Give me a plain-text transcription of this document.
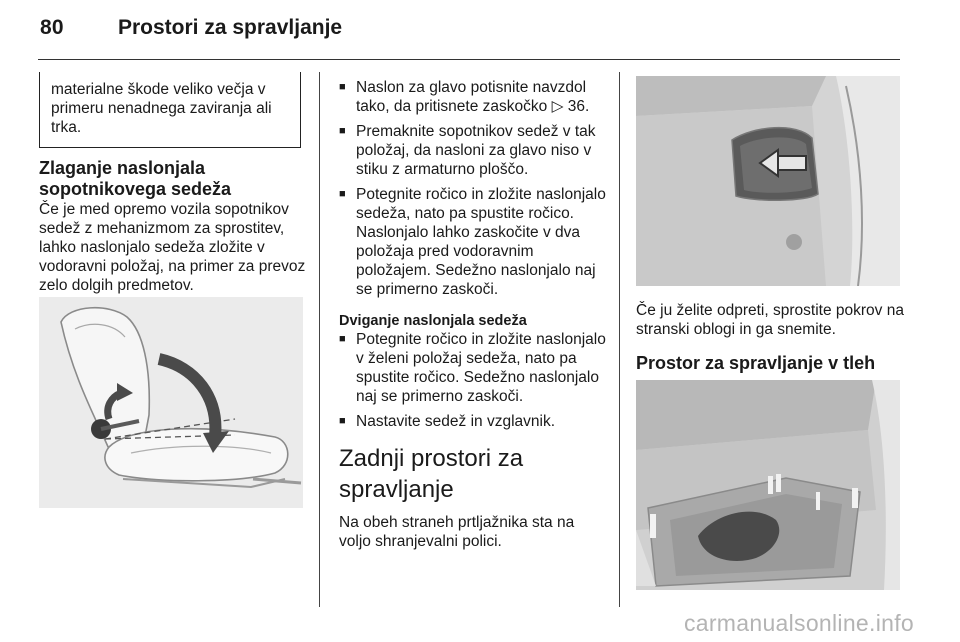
80	Prostori za spravljanje

materialne škode veliko večja v primeru nenadnega zaviranja ali trka.

Zlaganje naslonjala sopotnikovega sedeža

Če je med opremo vozila sopotnikov sedež z mehanizmom za sprostitev, lahko naslonjalo sedeža zložite v vodoravni položaj, na primer za prevoz zelo dolgih predmetov.

■ Naslon za glavo potisnite navzdol tako, da pritisnete zaskočko ▷ 36.
■ Premaknite sopotnikov sedež v tak položaj, da nasloni za glavo niso v stiku z armaturno ploščo.
■ Potegnite ročico in zložite naslonjalo sedeža, nato pa spustite ročico. Naslonjalo lahko zaskočite v dva položaja pred vodoravnim položajem. Sedežno naslonjalo naj se primerno zaskoči.
Dviganje naslonjala sedeža
■ Potegnite ročico in zložite naslonjalo v želeni položaj sedeža, nato pa spustite ročico. Sedežno naslonjalo naj se primerno zaskoči.
■ Nastavite sedež in vzglavnik.
Zadnji prostori za spravljanje

Na obeh straneh prtljažnika sta na voljo shranjevalni polici.

Če ju želite odpreti, sprostite pokrov na stranski oblogi in ga snemite.

Prostor za spravljanje v tleh
carmanualsonline.info
